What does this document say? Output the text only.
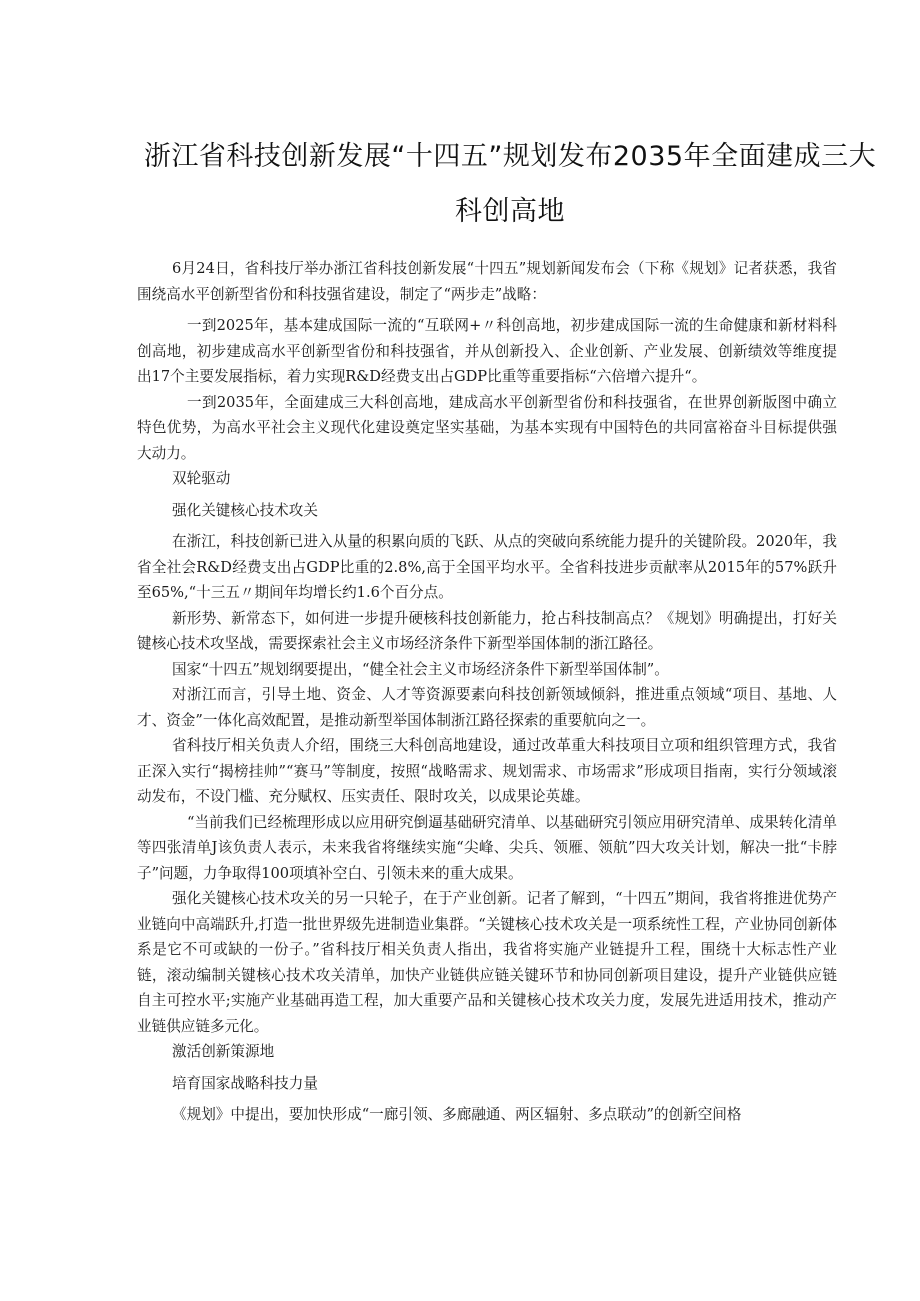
浙江省科技创新发展“十四五”规划发布2035年全面建成三大
科创高地

6月24日，省科技厅举办浙江省科技创新发展“十四五”规划新闻发布会（下称《规划》记者获悉，我省围绕高水平创新型省份和科技强省建设，制定了“两步走”战略：

一到2025年，基本建成国际一流的“互联网+〃科创高地，初步建成国际一流的生命健康和新材料科创高地，初步建成高水平创新型省份和科技强省，并从创新投入、企业创新、产业发展、创新绩效等维度提出17个主要发展指标，着力实现R&D经费支出占GDP比重等重要指标“六倍增六提升“。

一到2035年，全面建成三大科创高地，建成高水平创新型省份和科技强省，在世界创新版图中确立特色优势，为高水平社会主义现代化建设奠定坚实基础，为基本实现有中国特色的共同富裕奋斗目标提供强大动力。

双轮驱动

强化关键核心技术攻关

在浙江，科技创新已进入从量的积累向质的飞跃、从点的突破向系统能力提升的关键阶段。2020年，我省全社会R&D经费支出占GDP比重的2.8%,高于全国平均水平。全省科技进步贡献率从2015年的57%跃升至65%,“十三五〃期间年均增长约1.6个百分点。

新形势、新常态下，如何进一步提升硬核科技创新能力，抢占科技制高点？《规划》明确提出，打好关键核心技术攻坚战，需要探索社会主义市场经济条件下新型举国体制的浙江路径。

国家“十四五”规划纲要提出，“健全社会主义市场经济条件下新型举国体制”。

对浙江而言，引导土地、资金、人才等资源要素向科技创新领域倾斜，推进重点领域“项目、基地、人才、资金”一体化高效配置，是推动新型举国体制浙江路径探索的重要航向之一。

省科技厅相关负责人介绍，围绕三大科创高地建设，通过改革重大科技项目立项和组织管理方式，我省正深入实行“揭榜挂帅”“赛马”等制度，按照“战略需求、规划需求、市场需求”形成项目指南，实行分领域滚动发布，不设门槛、充分赋权、压实责任、限时攻关，以成果论英雄。

“当前我们已经梳理形成以应用研究倒逼基础研究清单、以基础研究引领应用研究清单、成果转化清单等四张清单J该负责人表示，未来我省将继续实施“尖峰、尖兵、领雁、领航”四大攻关计划，解决一批“卡脖子”问题，力争取得100项填补空白、引领未来的重大成果。

强化关键核心技术攻关的另一只轮子，在于产业创新。记者了解到，“十四五”期间，我省将推进优势产业链向中高端跃升,打造一批世界级先进制造业集群。“关键核心技术攻关是一项系统性工程，产业协同创新体系是它不可或缺的一份子。”省科技厅相关负责人指出，我省将实施产业链提升工程，围绕十大标志性产业链，滚动编制关键核心技术攻关清单，加快产业链供应链关键环节和协同创新项目建设，提升产业链供应链自主可控水平;实施产业基础再造工程，加大重要产品和关键核心技术攻关力度，发展先进适用技术，推动产业链供应链多元化。

激活创新策源地

培育国家战略科技力量

《规划》中提出，要加快形成“一廊引领、多廊融通、两区辐射、多点联动”的创新空间格
